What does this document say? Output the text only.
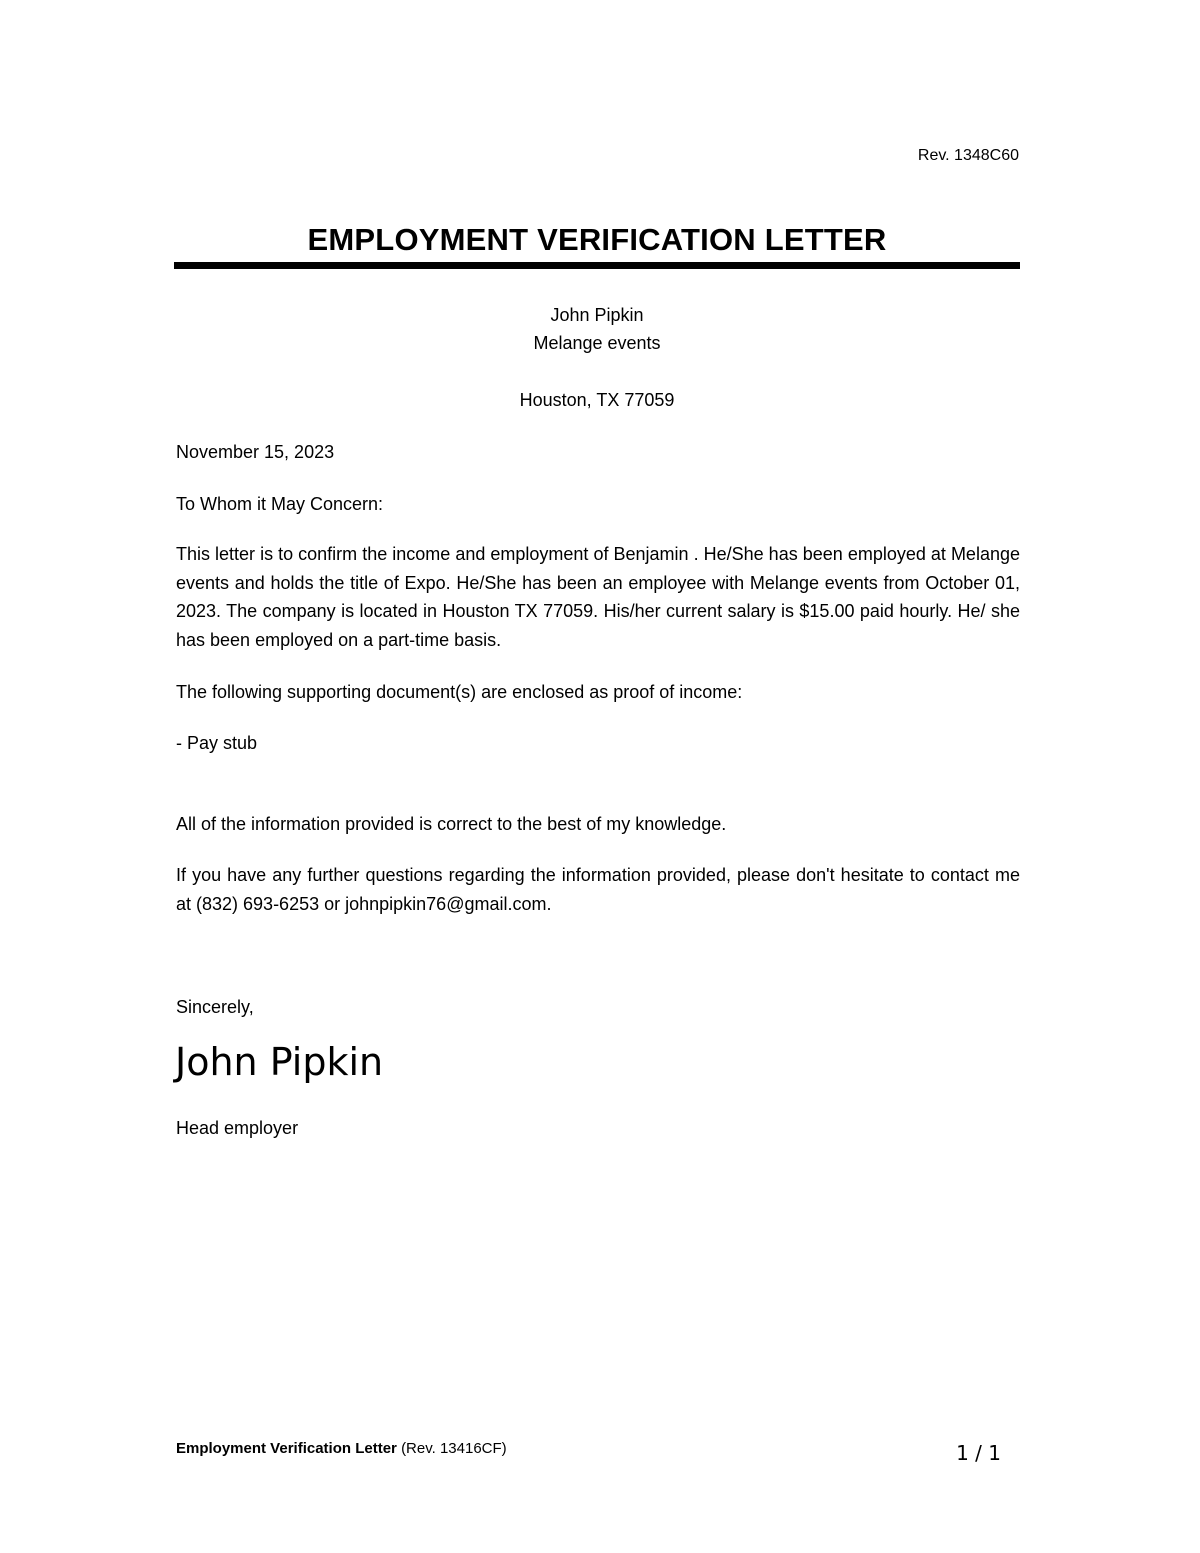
Rev. 1348C60
EMPLOYMENT VERIFICATION LETTER
John Pipkin
Melange events
Houston, TX 77059
November 15, 2023
To Whom it May Concern:

This letter is to confirm the income and employment of Benjamin . He/She has been employed at Melange events and holds the title of Expo. He/She has been an employee with Melange events from October 01, 2023. The company is located in Houston TX 77059. His/her current salary is $15.00 paid hourly. He/ she has been employed on a part-time basis.

The following supporting document(s) are enclosed as proof of income:
- Pay stub
All of the information provided is correct to the best of my knowledge.

If you have any further questions regarding the information provided, please don't hesitate to contact me at (832) 693-6253 or johnpipkin76@gmail.com.

Sincerely,
John Pipkin
Head employer
Employment Verification Letter (Rev. 13416CF)	1 / 1
